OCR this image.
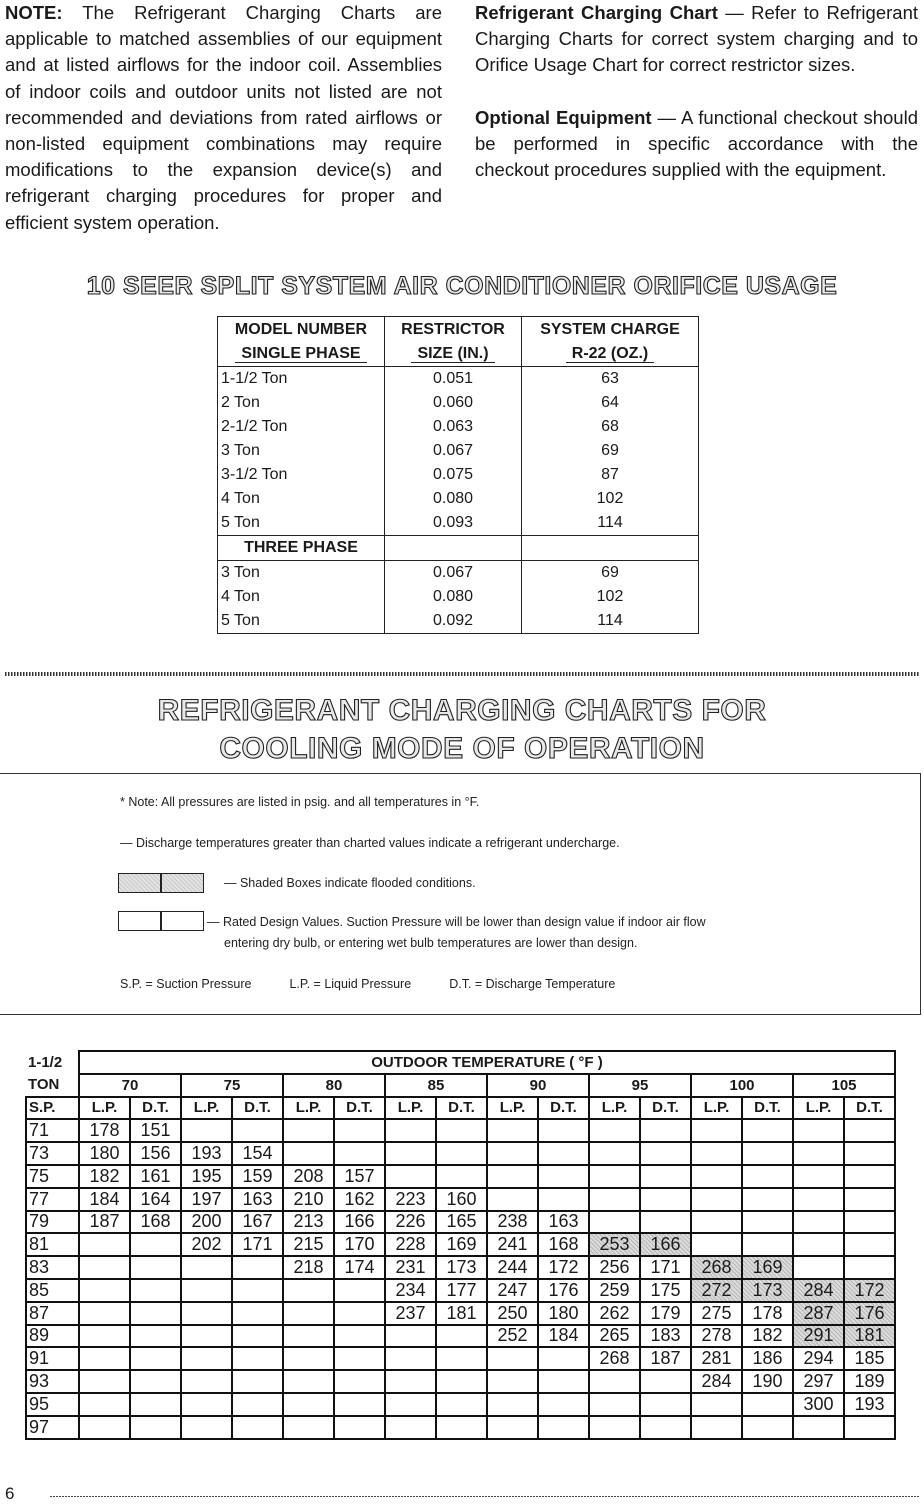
NOTE: The Refrigerant Charging Charts are applicable to matched assemblies of our equipment and at listed airflows for the indoor coil. Assemblies of indoor coils and outdoor units not listed are not recommended and deviations from rated airflows or non-listed equipment combinations may require modifications to the expansion device(s) and refrigerant charging procedures for proper and efficient system operation.

Refrigerant Charging Chart — Refer to Refrigerant Charging Charts for correct system charging and to Orifice Usage Chart for correct restrictor sizes.

Optional Equipment — A functional checkout should be performed in specific accordance with the checkout procedures supplied with the equipment.

10 SEER SPLIT SYSTEM AIR CONDITIONER ORIFICE USAGE
MODEL NUMBER	RESTRICTOR	SYSTEM CHARGE
SINGLE PHASE	SIZE (IN.)	R-22 (OZ.)
1-1/2 Ton	0.051	63
2 Ton	0.060	64
2-1/2 Ton	0.063	68
3 Ton	0.067	69
3-1/2 Ton	0.075	87
4 Ton	0.080	102
5 Ton	0.093	114
THREE PHASE		
3 Ton	0.067	69
4 Ton	0.080	102
5 Ton	0.092	114
REFRIGERANT CHARGING CHARTS FOR
COOLING MODE OF OPERATION
* Note: All pressures are listed in psig. and all temperatures in °F.
— Discharge temperatures greater than charted values indicate a refrigerant undercharge.
— Shaded Boxes indicate flooded conditions.
— Rated Design Values. Suction Pressure will be lower than design value if indoor air flow
entering dry bulb, or entering wet bulb temperatures are lower than design.
S.P. = Suction Pressure	L.P. = Liquid Pressure	D.T. = Discharge Temperature
1-1/2	OUTDOOR TEMPERATURE ( °F )															
TON	70		75		80		85		90		95		100		105	
S.P.	L.P.	D.T.	L.P.	D.T.	L.P.	D.T.	L.P.	D.T.	L.P.	D.T.	L.P.	D.T.	L.P.	D.T.	L.P.	D.T.
71	178	151														
73	180	156	193	154												
75	182	161	195	159	208	157										
77	184	164	197	163	210	162	223	160								
79	187	168	200	167	213	166	226	165	238	163						
81			202	171	215	170	228	169	241	168	253	166				
83					218	174	231	173	244	172	256	171	268	169		
85							234	177	247	176	259	175	272	173	284	172
87							237	181	250	180	262	179	275	178	287	176
89									252	184	265	183	278	182	291	181
91											268	187	281	186	294	185
93													284	190	297	189
95															300	193
97																
6
